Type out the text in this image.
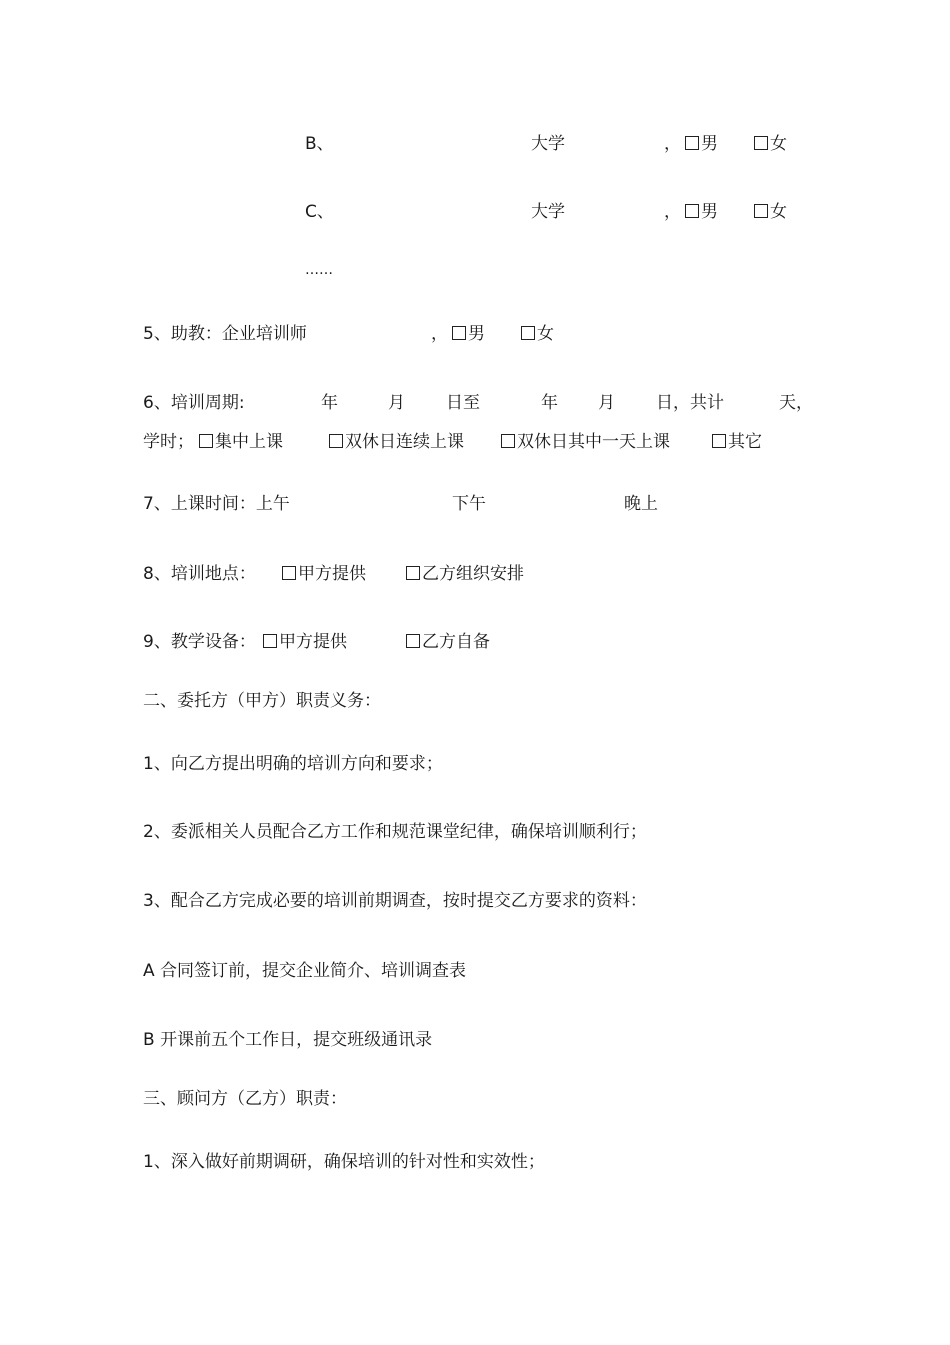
B、	大学	，	男	女
C、	大学	，	男	女
……
5、助教：企业培训师	，	男	女
6、培训周期:	年	月 日至	年 月 日，共计	天，
学时；	集中上课	双休日连续上课	双休日其中一天上课	其它
7、上课时间：上午	下午	晚上
8、培训地点：	甲方提供	乙方组织安排
9、教学设备：	甲方提供	乙方自备
二、委托方（甲方）职责义务：
1、向乙方提出明确的培训方向和要求；
2、委派相关人员配合乙方工作和规范课堂纪律，确保培训顺利行；
3、配合乙方完成必要的培训前期调查，按时提交乙方要求的资料：
A 合同签订前，提交企业简介、培训调查表
B 开课前五个工作日，提交班级通讯录
三、顾问方（乙方）职责：
1、深入做好前期调研，确保培训的针对性和实效性；
